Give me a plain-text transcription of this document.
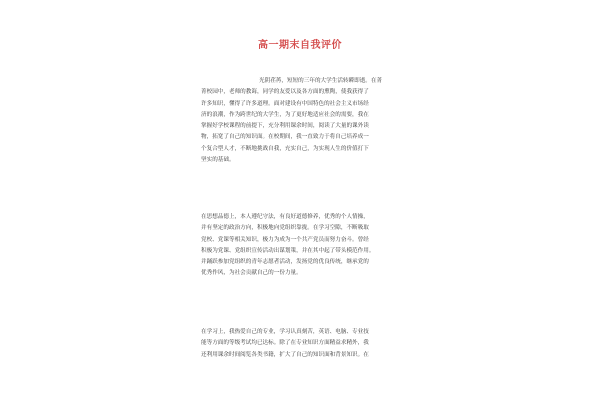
高一期末自我评价

光阴荏苒，短短的三年的大学生活转瞬即逝。在菁
菁校园中，老师的教诲，同学的友爱以及各方面的熏陶，使我获得了
许多知识，懂得了许多道理。面对建设有中国特色的社会主义市场经
济的浪潮，作为跨世纪的大学生，为了更好地适应社会的需要，我在
掌握好学校课程的前提下，充分利用课余时间，阅读了大量的课外读
物，拓宽了自己的知识面。在校期间，我一直致力于将自己培养成一
个复合型人才，不断地挑战自我，充实自己，为实现人生的价值打下
坚实的基础。

在思想品德上，本人遵纪守法，有良好道德修养，优秀的个人情操，
并有坚定的政治方向，积极地向党组织靠拢。在学习空隙，不断吸取
党校、党课等相关知识，极力为成为一个共产党员而努力奋斗。曾经
积极为党课、党组织宣传活动出谋划策，并在其中起了带头模范作用。
并踊跃参加党组织的青年志愿者活动，发扬党的优良传统，继承党的
优秀作风，为社会贡献自己的一份力量。

在学习上，我热爱自己的专业，学习认真刻苦，英语、电脑、专业技
能等方面的等级考试均已达标。除了在专业知识方面精益求精外，我
还利用课余时间阅览各类书籍，扩大了自己的知识面和背景知识。在
